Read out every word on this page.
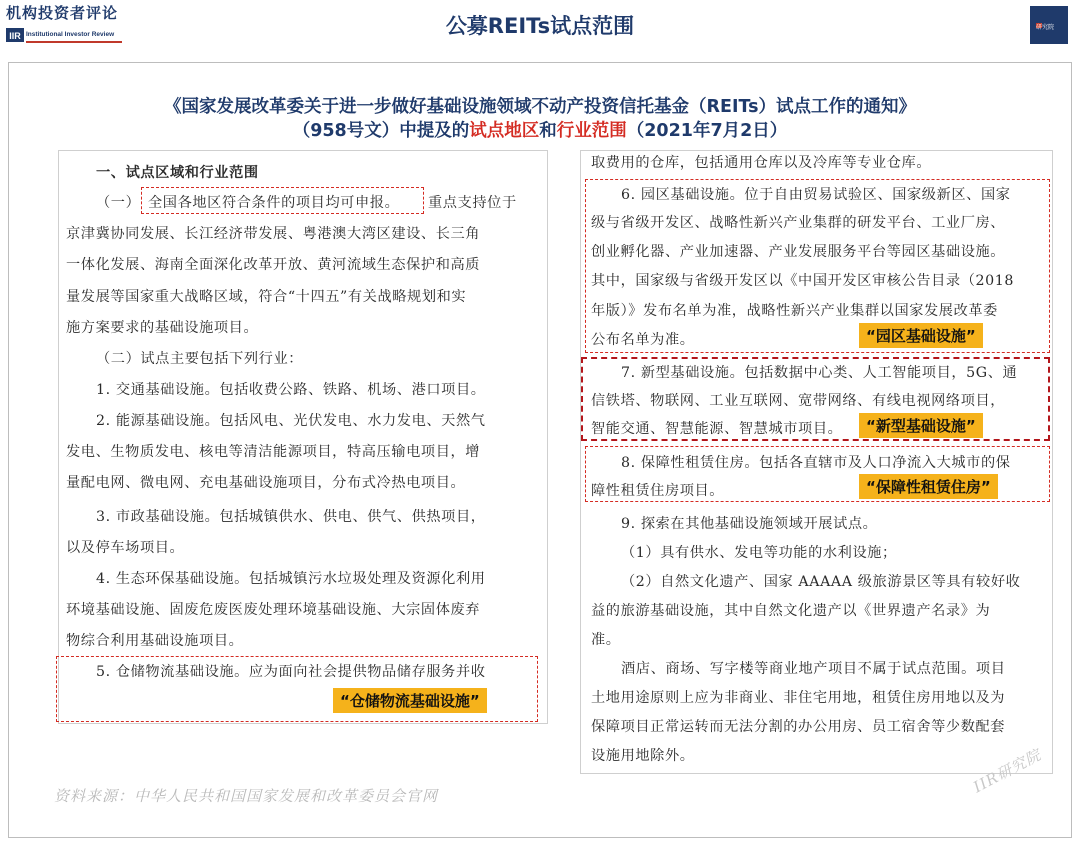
机构投资者评论
IIR Institutional Investor Review	公募REITs试点范围	研究院
《国家发展改革委关于进一步做好基础设施领域不动产投资信托基金（REITs）试点工作的通知》
（958号文）中提及的试点地区和行业范围（2021年7月2日）
一、试点区域和行业范围
（一） 全国各地区符合条件的项目均可申报。 重点支持位于
京津冀协同发展、长江经济带发展、粤港澳大湾区建设、长三角
一体化发展、海南全面深化改革开放、黄河流域生态保护和高质
量发展等国家重大战略区域，符合“十四五”有关战略规划和实
施方案要求的基础设施项目。
（二）试点主要包括下列行业：
1. 交通基础设施。包括收费公路、铁路、机场、港口项目。
2. 能源基础设施。包括风电、光伏发电、水力发电、天然气
发电、生物质发电、核电等清洁能源项目，特高压输电项目，增
量配电网、微电网、充电基础设施项目，分布式冷热电项目。
3. 市政基础设施。包括城镇供水、供电、供气、供热项目，
以及停车场项目。
4. 生态环保基础设施。包括城镇污水垃圾处理及资源化利用
环境基础设施、固废危废医废处理环境基础设施、大宗固体废弃
物综合利用基础设施项目。
5. 仓储物流基础设施。应为面向社会提供物品储存服务并收
取费用的仓库，包括通用仓库以及冷库等专业仓库。
6. 园区基础设施。位于自由贸易试验区、国家级新区、国家
级与省级开发区、战略性新兴产业集群的研发平台、工业厂房、
创业孵化器、产业加速器、产业发展服务平台等园区基础设施。
其中，国家级与省级开发区以《中国开发区审核公告目录（2018
年版）》发布名单为准，战略性新兴产业集群以国家发展改革委
公布名单为准。
7. 新型基础设施。包括数据中心类、人工智能项目，5G、通
信铁塔、物联网、工业互联网、宽带网络、有线电视网络项目，
智能交通、智慧能源、智慧城市项目。
8. 保障性租赁住房。包括各直辖市及人口净流入大城市的保
障性租赁住房项目。
9. 探索在其他基础设施领域开展试点。
（1）具有供水、发电等功能的水利设施；
（2）自然文化遗产、国家 AAAAA 级旅游景区等具有较好收
益的旅游基础设施，其中自然文化遗产以《世界遗产名录》为
准。
酒店、商场、写字楼等商业地产项目不属于试点范围。项目
土地用途原则上应为非商业、非住宅用地，租赁住房用地以及为
保障项目正常运转而无法分割的办公用房、员工宿舍等少数配套
设施用地除外。
“仓储物流基础设施”
“园区基础设施”
“新型基础设施”
“保障性租赁住房”
资料来源：中华人民共和国国家发展和改革委员会官网	IIR研究院
